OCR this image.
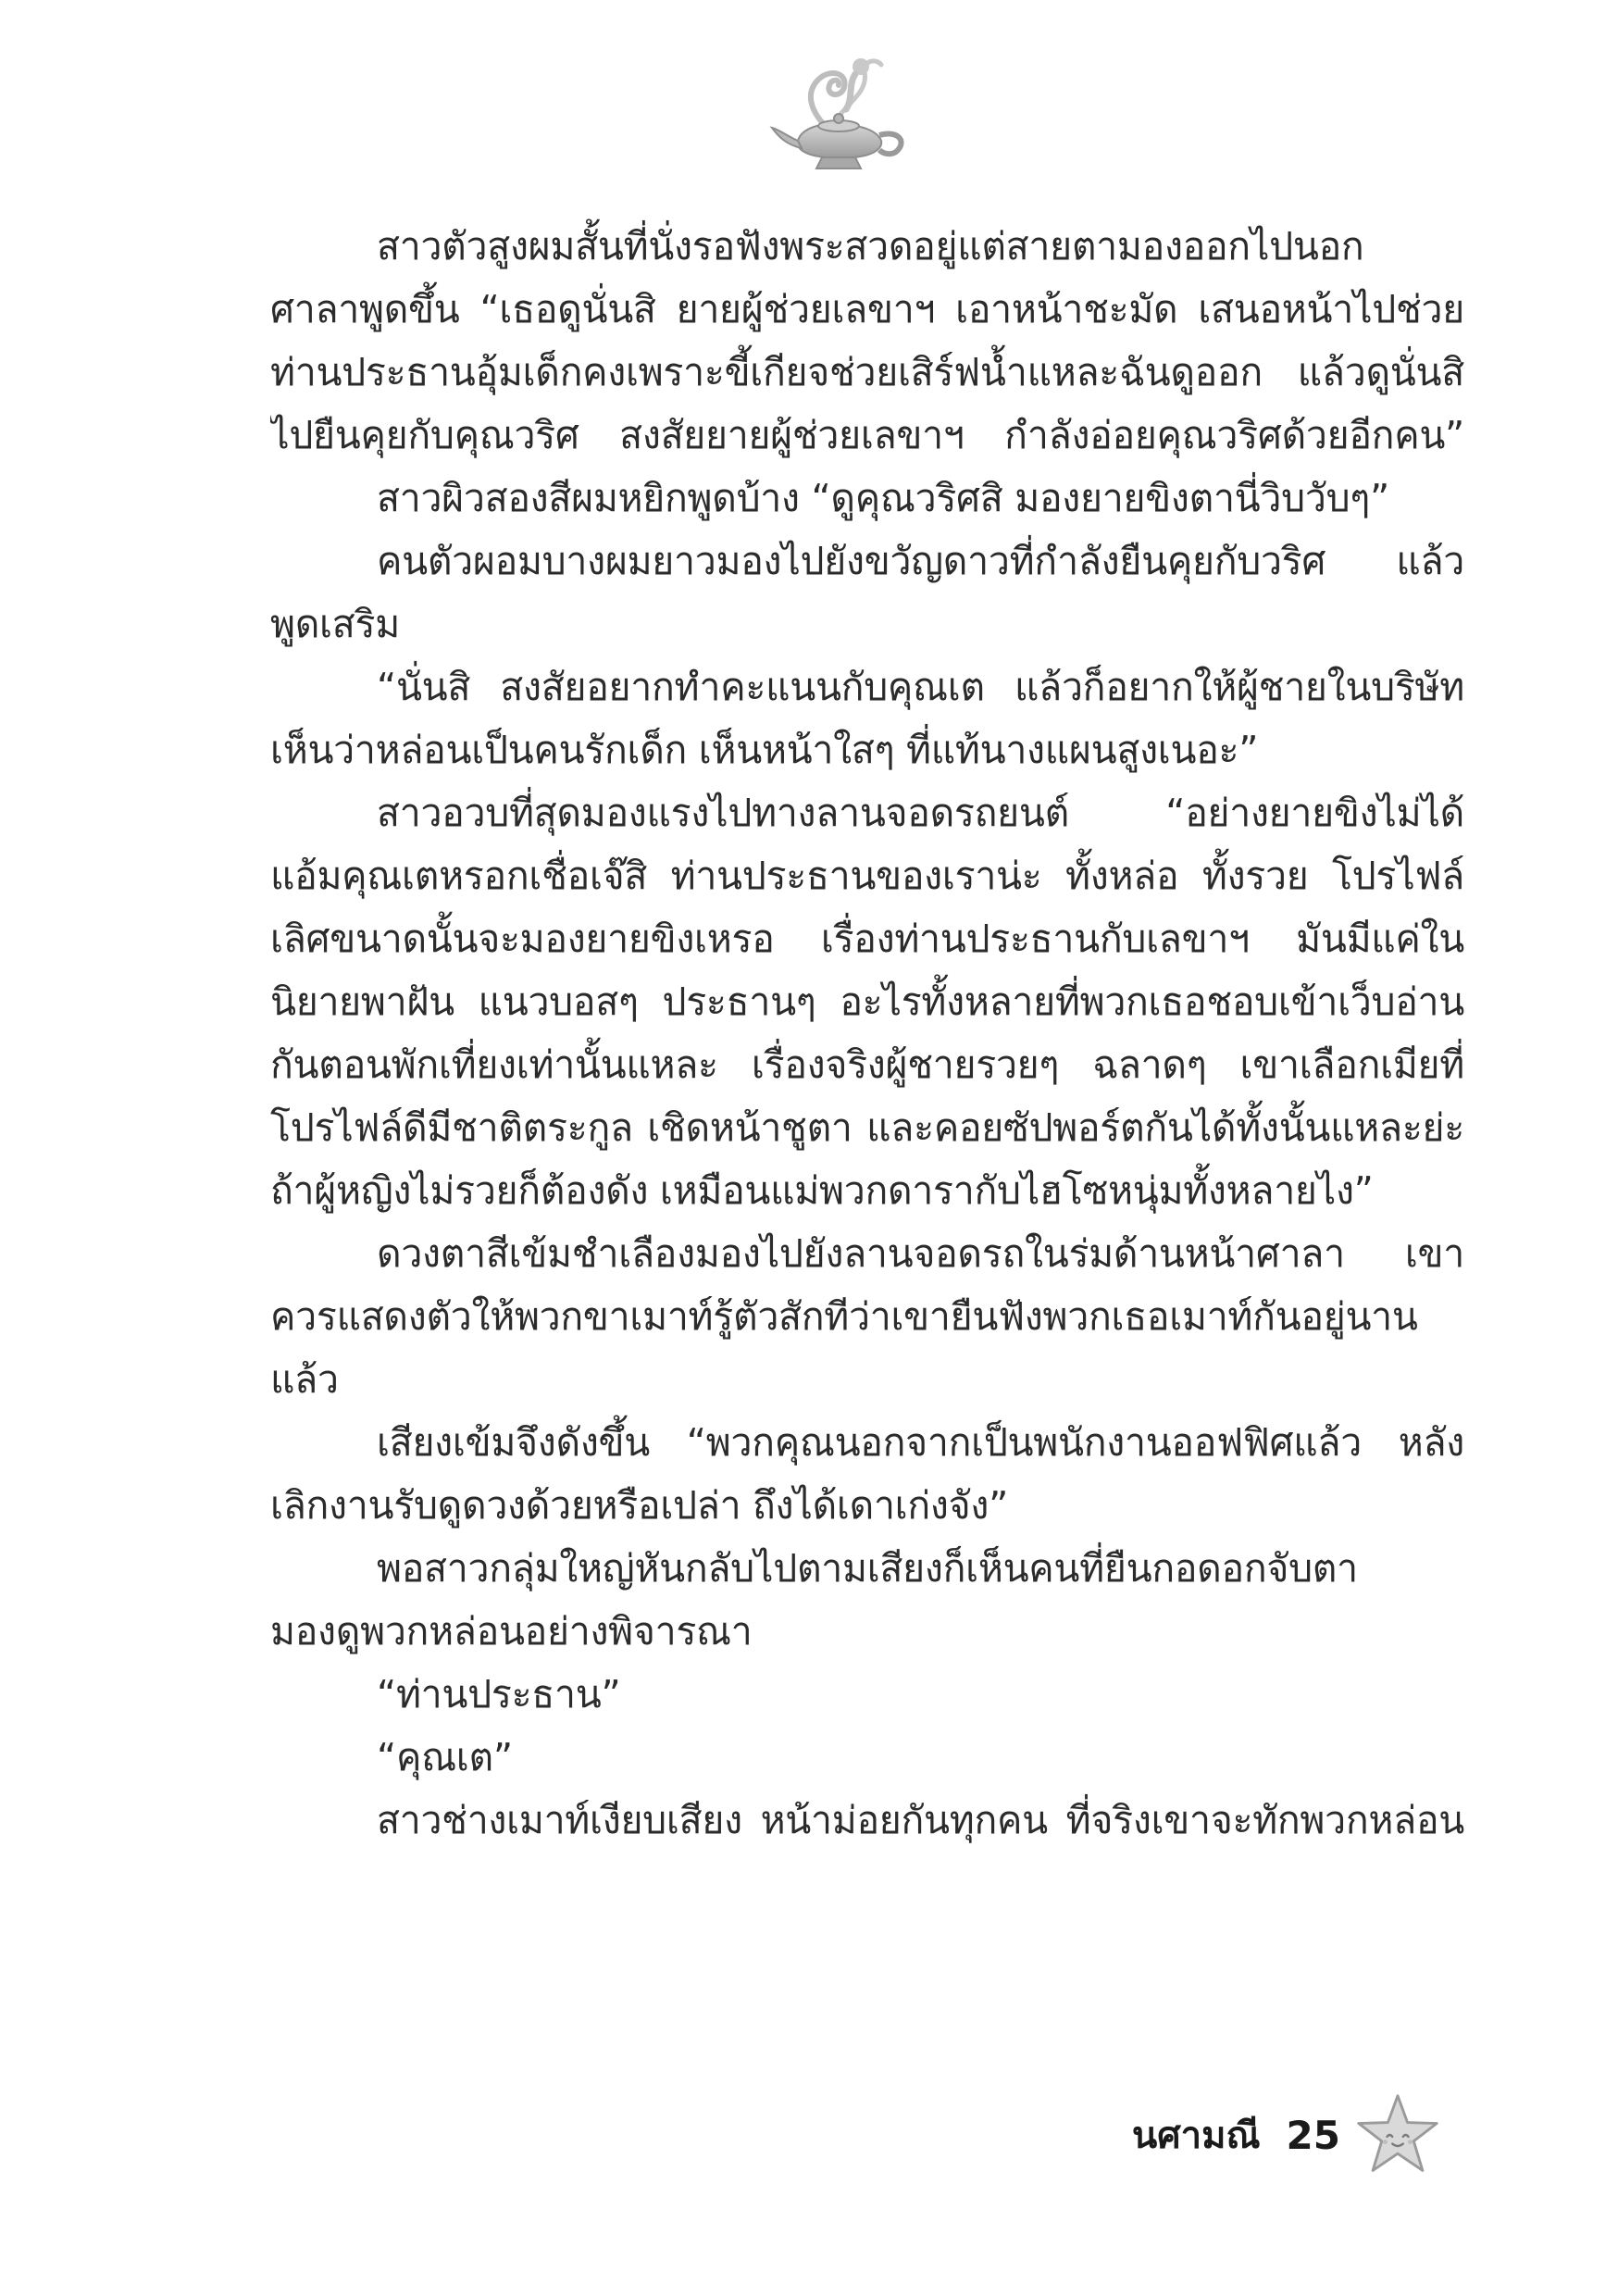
สาวตัวสูงผมสั้นที่นั่งรอฟังพระสวดอยู่แต่สายตามองออกไปนอก
ศาลาพูดขึ้น “เธอดูนั่นสิ ยายผู้ช่วยเลขาฯ เอาหน้าชะมัด เสนอหน้าไปช่วย
ท่านประธานอุ้มเด็กคงเพราะขี้เกียจช่วยเสิร์ฟน้ำแหละฉันดูออก แล้วดูนั่นสิ
ไปยืนคุยกับคุณวริศ สงสัยยายผู้ช่วยเลขาฯ กำลังอ่อยคุณวริศด้วยอีกคน”
สาวผิวสองสีผมหยิกพูดบ้าง “ดูคุณวริศสิ มองยายขิงตานี่วิบวับๆ”
คนตัวผอมบางผมยาวมองไปยังขวัญดาวที่กำลังยืนคุยกับวริศ แล้ว
พูดเสริม
“นั่นสิ สงสัยอยากทำคะแนนกับคุณเต แล้วก็อยากให้ผู้ชายในบริษัท
เห็นว่าหล่อนเป็นคนรักเด็ก เห็นหน้าใสๆ ที่แท้นางแผนสูงเนอะ”
สาวอวบที่สุดมองแรงไปทางลานจอดรถยนต์ “อย่างยายขิงไม่ได้
แอ้มคุณเตหรอกเชื่อเจ๊สิ ท่านประธานของเราน่ะ ทั้งหล่อ ทั้งรวย โปรไฟล์
เลิศขนาดนั้นจะมองยายขิงเหรอ เรื่องท่านประธานกับเลขาฯ มันมีแค่ใน
นิยายพาฝัน แนวบอสๆ ประธานๆ อะไรทั้งหลายที่พวกเธอชอบเข้าเว็บอ่าน
กันตอนพักเที่ยงเท่านั้นแหละ เรื่องจริงผู้ชายรวยๆ ฉลาดๆ เขาเลือกเมียที่
โปรไฟล์ดีมีชาติตระกูล เชิดหน้าชูตา และคอยซัปพอร์ตกันได้ทั้งนั้นแหละย่ะ
ถ้าผู้หญิงไม่รวยก็ต้องดัง เหมือนแม่พวกดารากับไฮโซหนุ่มทั้งหลายไง”
ดวงตาสีเข้มชำเลืองมองไปยังลานจอดรถในร่มด้านหน้าศาลา เขา
ควรแสดงตัวให้พวกขาเมาท์รู้ตัวสักทีว่าเขายืนฟังพวกเธอเมาท์กันอยู่นาน
แล้ว
เสียงเข้มจึงดังขึ้น “พวกคุณนอกจากเป็นพนักงานออฟฟิศแล้ว หลัง
เลิกงานรับดูดวงด้วยหรือเปล่า ถึงได้เดาเก่งจัง”
พอสาวกลุ่มใหญ่หันกลับไปตามเสียงก็เห็นคนที่ยืนกอดอกจับตา
มองดูพวกหล่อนอย่างพิจารณา
“ท่านประธาน”
“คุณเต”
สาวช่างเมาท์เงียบเสียง หน้าม่อยกันทุกคน ที่จริงเขาจะทักพวกหล่อน
นศามณี 25
